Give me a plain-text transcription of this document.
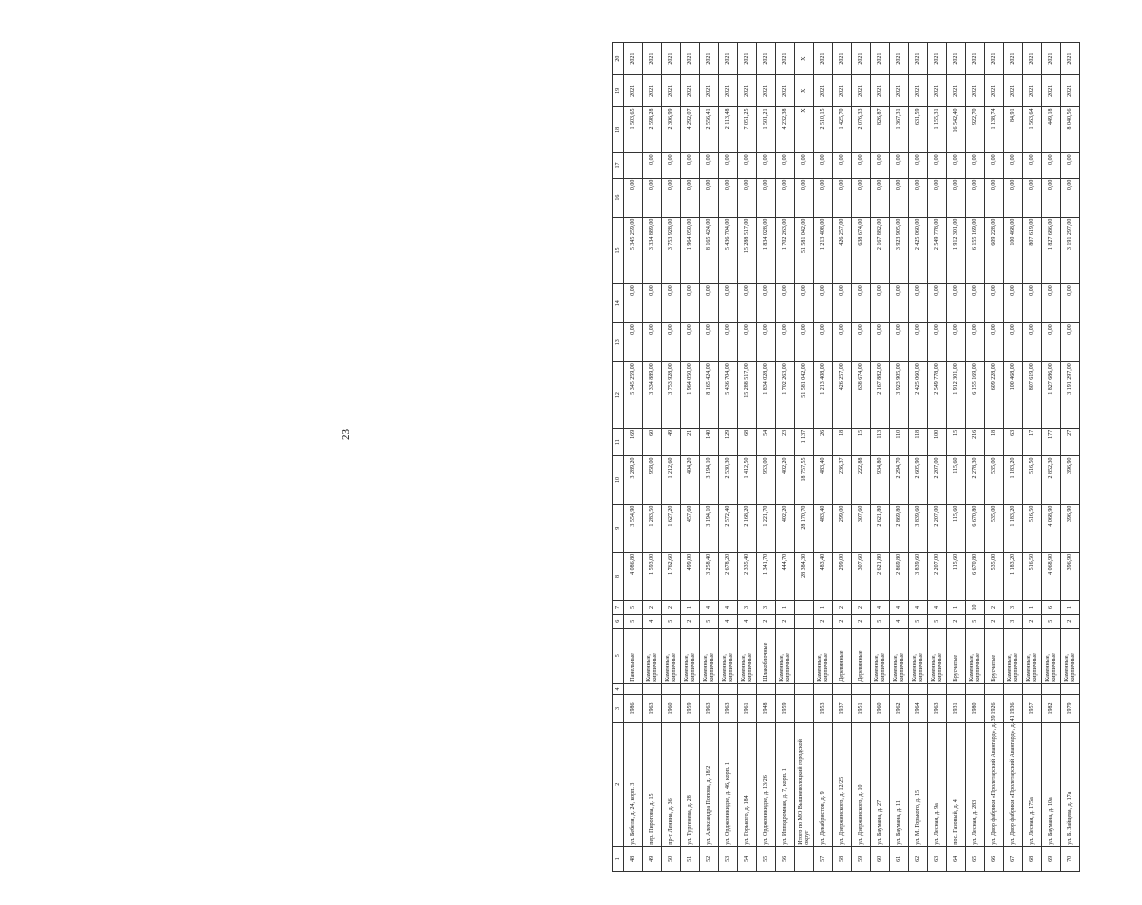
23
1	2	3	4	5	6	7	8	9	10	11	12	13	14	15	16	17	18	19	20
48	ул. Бебеля, д. 24, корп. 3	1986		Панельные	5	5	4 086,80	3 554,90	3 289,20	169	5 345 259,00	0,00	0,00	5 345 259,00	0,00		1 503,65	2021	2021
49	пер. Пирогова, д. 15	1963		Каменные, кирпичные	4	2	1 593,00	1 283,50	958,00	60	3 334 889,00	0,00	0,00	3 334 889,00	0,00	0,00	2 598,28	2021	2021
50	пр-т Ленина, д. 36	1960		Каменные, кирпичные	5	2	1 762,60	1 627,20	1 212,60	49	3 753 928,00	0,00	0,00	3 753 928,00	0,00	0,00	2 306,99	2021	2021
51	ул. Тургенева, д. 28	1959		Каменные, кирпичные	2	1	499,00	457,60	404,20	21	1 964 050,00	0,00	0,00	1 964 050,00	0,00	0,00	4 292,07	2021	2021
52	ул. Александра Попова, д. 18/2	1963		Каменные, кирпичные	5	4	3 258,40	3 194,10	3 194,10	140	8 165 424,00	0,00	0,00	8 165 424,00	0,00	0,00	2 556,41	2021	2021
53	ул. Орджоникидзе, д. 46, корп. 1	1963		Каменные, кирпичные	4	4	2 678,20	2 572,40	2 530,30	129	5 436 704,00	0,00	0,00	5 436 704,00	0,00	0,00	2 113,48	2021	2021
54	ул. Горького, д. 184	1961		Каменные, кирпичные	4	3	2 335,40	2 168,20	1 412,50	68	15 288 517,00	0,00	0,00	15 288 517,00	0,00	0,00	7 051,25	2021	2021
55	ул. Орджоникидзе, д. 13/26	1948		Шлакоблочные	2	3	1 341,70	1 221,70	953,00	54	1 834 028,00	0,00	0,00	1 834 028,00	0,00	0,00	1 501,21	2021	2021
56	ул. Ипподромная, д. 7, корп. 1	1959		Каменные, кирпичные	2	1	444,70	402,20	402,20	23	1 702 263,00	0,00	0,00	1 702 263,00	0,00	0,00	4 232,38	2021	2021
	Итого по МО Вышневолоцкий городской округ						28 384,30	28 170,70	18 757,55	1 137	51 581 042,00	0,00	0,00	51 581 042,00	0,00	0,00	X	X	X
57	ул. Декабристов, д. 9	1953		Каменные, кирпичные	2	1	483,40	483,40	483,40	26	1 213 408,00	0,00	0,00	1 213 408,00	0,00	0,00	2 510,15	2021	2021
58	ул. Дзержинского, д. 12/25	1937		Деревянные	2	2	299,00	299,00	236,37	18	426 257,00	0,00	0,00	426 257,00	0,00	0,00	1 425,70	2021	2021
59	ул. Дзержинского, д. 10	1951		Деревянные	2	2	307,60	307,60	222,88	15	638 674,00	0,00	0,00	638 674,00	0,00	0,00	2 076,33	2021	2021
60	ул. Бауманa, д. 27	1960		Каменные, кирпичные	5	4	2 621,80	2 621,80	934,80	113	2 167 882,00	0,00	0,00	2 167 882,00	0,00	0,00	826,87	2021	2021
61	ул. Баумана, д. 11	1962		Каменные, кирпичные	4	4	2 869,80	2 869,80	2 294,70	110	3 923 905,00	0,00	0,00	3 923 905,00	0,00	0,00	1 367,31	2021	2021
62	ул. М. Горького, д. 15	1964		Каменные, кирпичные	5	4	3 839,60	3 839,60	2 605,90	118	2 425 060,00	0,00	0,00	2 425 060,00	0,00	0,00	631,59	2021	2021
63	ул. Лесная, д. 9а	1963		Каменные, кирпичные	5	4	2 207,00	2 207,00	2 207,00	100	2 549 778,00	0,00	0,00	2 549 778,00	0,00	0,00	1 155,31	2021	2021
64	пос. Газовый, д. 4	1931		Брусчатые	2	1	115,60	115,60	115,60	15	1 912 301,00	0,00	0,00	1 912 301,00	0,00	0,00	16 542,40	2021	2021
65	ул. Лесная, д. 283	1980		Каменные, кирпичные	5	10	6 670,80	6 670,80	2 278,30	216	6 155 169,00	0,00	0,00	6 155 169,00	0,00	0,00	922,70	2021	2021
66	ул. Двор фабрики «Пролетарский Авангард», д. 39	1926		Брусчатые	2	2	535,00	535,00	535,00	18	609 228,00	0,00	0,00	609 228,00	0,00	0,00	1 138,74	2021	2021
67	ул. Двор фабрики «Пролетарский Авангард», д. 41	1936		Каменные, кирпичные	3	3	1 183,20	1 183,20	1 183,20	63	100 468,00	0,00	0,00	100 468,00	0,00	0,00	84,91	2021	2021
68	ул. Лесная, д. 175а	1957		Каменные, кирпичные	2	1	516,50	516,50	516,50	17	807 619,00	0,00	0,00	807 619,00	0,00	0,00	1 563,64	2021	2021
69	ул. Баумана, д. 10а	1982		Каменные, кирпичные	5	6	4 068,90	4 068,90	2 852,30	177	1 827 686,00	0,00	0,00	1 827 686,00	0,00	0,00	449,18	2021	2021
70	ул. Б. Зайцева, д. 17а	1979		Каменные, кирпичные	2	1	396,90	396,90	396,90	27	3 191 297,00	0,00	0,00	3 191 297,00	0,00	0,00	8 040,56	2021	2021
